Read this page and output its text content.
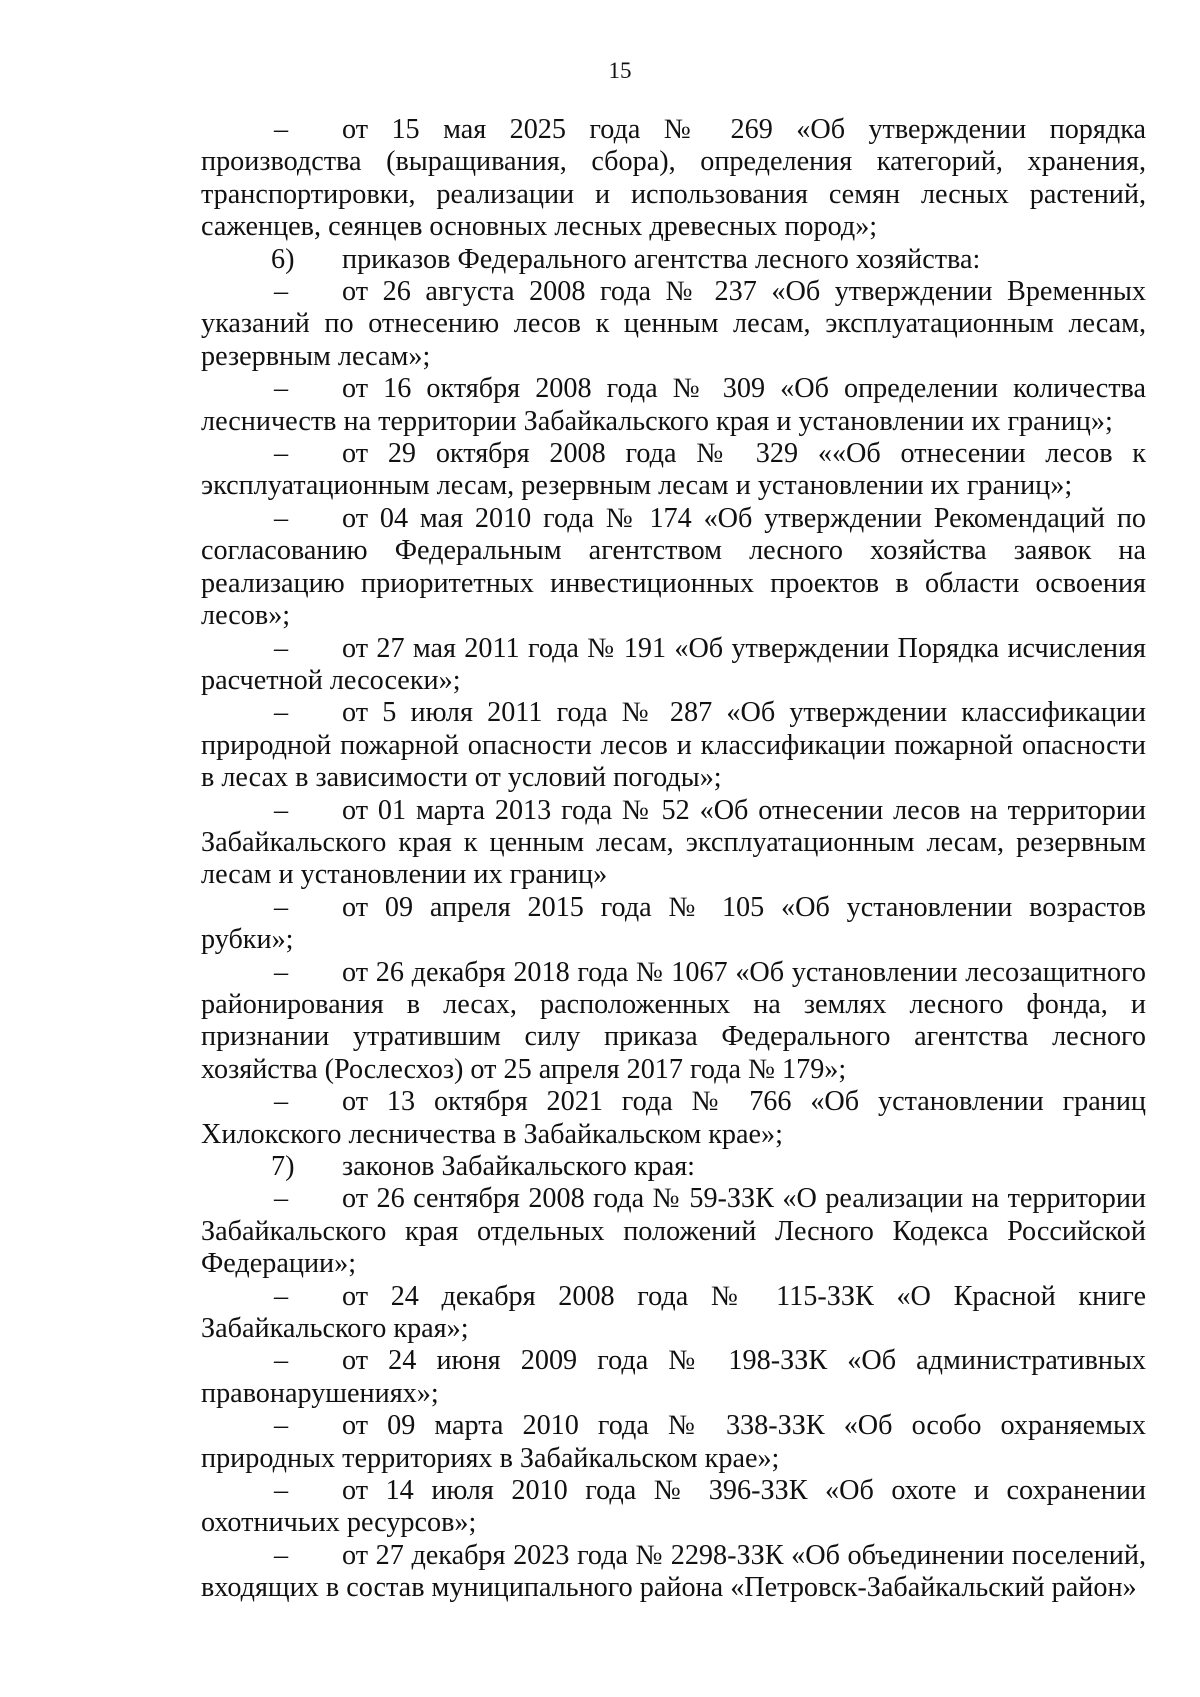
15

– от 15 мая 2025 года № 269 «Об утверждении порядка производства (выращивания, сбора), определения категорий, хранения, транспортировки, реализации и использования семян лесных растений, саженцев, сеянцев основных лесных древесных пород»;

6) приказов Федерального агентства лесного хозяйства:

– от 26 августа 2008 года № 237 «Об утверждении Временных указаний по отнесению лесов к ценным лесам, эксплуатационным лесам, резервным лесам»;

– от 16 октября 2008 года № 309 «Об определении количества лесничеств на территории Забайкальского края и установлении их границ»;

– от 29 октября 2008 года № 329 ««Об отнесении лесов к эксплуатационным лесам, резервным лесам и установлении их границ»;

– от 04 мая 2010 года № 174 «Об утверждении Рекомендаций по согласованию Федеральным агентством лесного хозяйства заявок на реализацию приоритетных инвестиционных проектов в области освоения лесов»;

– от 27 мая 2011 года № 191 «Об утверждении Порядка исчисления расчетной лесосеки»;

– от 5 июля 2011 года № 287 «Об утверждении классификации природной пожарной опасности лесов и классификации пожарной опасности в лесах в зависимости от условий погоды»;

– от 01 марта 2013 года № 52 «Об отнесении лесов на территории Забайкальского края к ценным лесам, эксплуатационным лесам, резервным лесам и установлении их границ»

– от 09 апреля 2015 года № 105 «Об установлении возрастов рубки»;

– от 26 декабря 2018 года № 1067 «Об установлении лесозащитного районирования в лесах, расположенных на землях лесного фонда, и признании утратившим силу приказа Федерального агентства лесного хозяйства (Рослесхоз) от 25 апреля 2017 года № 179»;

– от 13 октября 2021 года № 766 «Об установлении границ Хилокского лесничества в Забайкальском крае»;

7) законов Забайкальского края:

– от 26 сентября 2008 года № 59-ЗЗК «О реализации на территории Забайкальского края отдельных положений Лесного Кодекса Российской Федерации»;

– от 24 декабря 2008 года № 115-ЗЗК «О Красной книге Забайкальского края»;

– от 24 июня 2009 года № 198-ЗЗК «Об административных правонарушениях»;

– от 09 марта 2010 года № 338-ЗЗК «Об особо охраняемых природных территориях в Забайкальском крае»;

– от 14 июля 2010 года № 396-ЗЗК «Об охоте и сохранении охотничьих ресурсов»;

– от 27 декабря 2023 года № 2298-ЗЗК «Об объединении поселений, входящих в состав муниципального района «Петровск-Забайкальский район»
